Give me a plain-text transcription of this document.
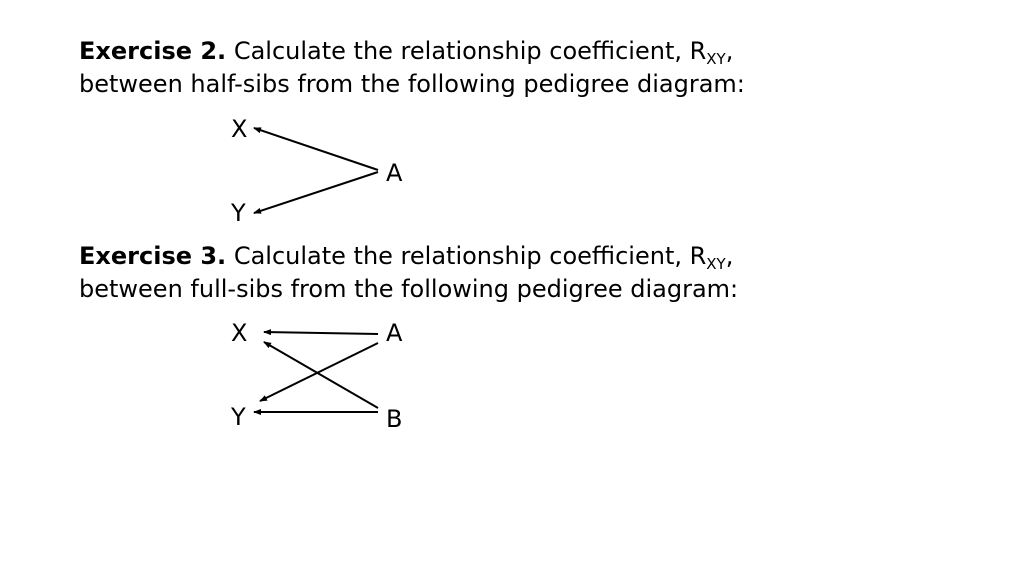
Exercise 2. Calculate the relationship coefficient, $R_{XY}$,
between half-sibs from the following pedigree diagram:
Exercise 3. Calculate the relationship coefficient, $R_{XY}$,
between full-sibs from the following pedigree diagram:
X
Y
A
X
Y
A
B
